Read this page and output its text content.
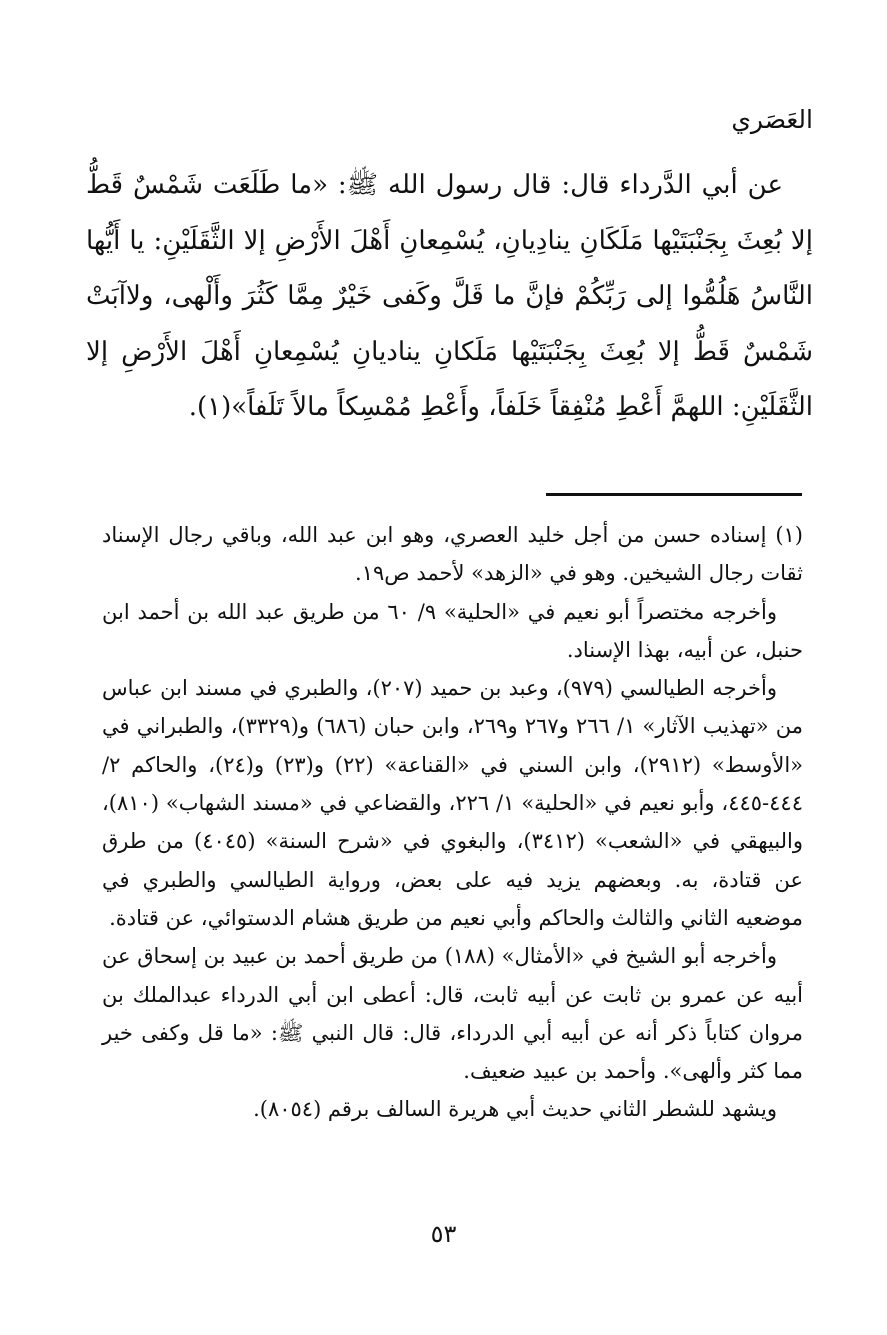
العَصَري

عن أبي الدَّرداء قال: قال رسول الله ﷺ: «ما طَلَعَت شَمْسٌ قَطُّ إلا بُعِثَ بِجَنْبَتَيْها مَلَكَانِ ينادِيانِ، يُسْمِعانِ أَهْلَ الأَرْضِ إلا الثَّقَلَيْنِ: يا أَيُّها النَّاسُ هَلُمُّوا إلى رَبِّكُمْ فإنَّ ما قَلَّ وكَفى خَيْرٌ مِمَّا كَثُرَ وأَلْهى، ولاآبَتْ شَمْسٌ قَطُّ إلا بُعِثَ بِجَنْبَتَيْها مَلَكانِ يناديانِ يُسْمِعانِ أَهْلَ الأَرْضِ إلا الثَّقَلَيْنِ: اللهمَّ أَعْطِ مُنْفِقاً خَلَفاً، وأَعْطِ مُمْسِكاً مالاً تَلَفاً»(١).

(١) إسناده حسن من أجل خليد العصري، وهو ابن عبد الله، وباقي رجال الإسناد ثقات رجال الشيخين. وهو في «الزهد» لأحمد ص١٩.

وأخرجه مختصراً أبو نعيم في «الحلية» ٩/ ٦٠ من طريق عبد الله بن أحمد ابن حنبل، عن أبيه، بهذا الإسناد.

وأخرجه الطيالسي (٩٧٩)، وعبد بن حميد (٢٠٧)، والطبري في مسند ابن عباس من «تهذيب الآثار» ١/ ٢٦٦ و٢٦٧ و٢٦٩، وابن حبان (٦٨٦) و(٣٣٢٩)، والطبراني في «الأوسط» (٢٩١٢)، وابن السني في «القناعة» (٢٢) و(٢٣) و(٢٤)، والحاكم ٢/ ٤٤٤-٤٤٥، وأبو نعيم في «الحلية» ١/ ٢٢٦، والقضاعي في «مسند الشهاب» (٨١٠)، والبيهقي في «الشعب» (٣٤١٢)، والبغوي في «شرح السنة» (٤٠٤٥) من طرق عن قتادة، به. وبعضهم يزيد فيه على بعض، ورواية الطيالسي والطبري في موضعيه الثاني والثالث والحاكم وأبي نعيم من طريق هشام الدستوائي، عن قتادة.

وأخرجه أبو الشيخ في «الأمثال» (١٨٨) من طريق أحمد بن عبيد بن إسحاق عن أبيه عن عمرو بن ثابت عن أبيه ثابت، قال: أعطى ابن أبي الدرداء عبدالملك بن مروان كتاباً ذكر أنه عن أبيه أبي الدرداء، قال: قال النبي ﷺ: «ما قل وكفى خير مما كثر وألهى». وأحمد بن عبيد ضعيف.

ويشهد للشطر الثاني حديث أبي هريرة السالف برقم (٨٠٥٤).

٥٣
